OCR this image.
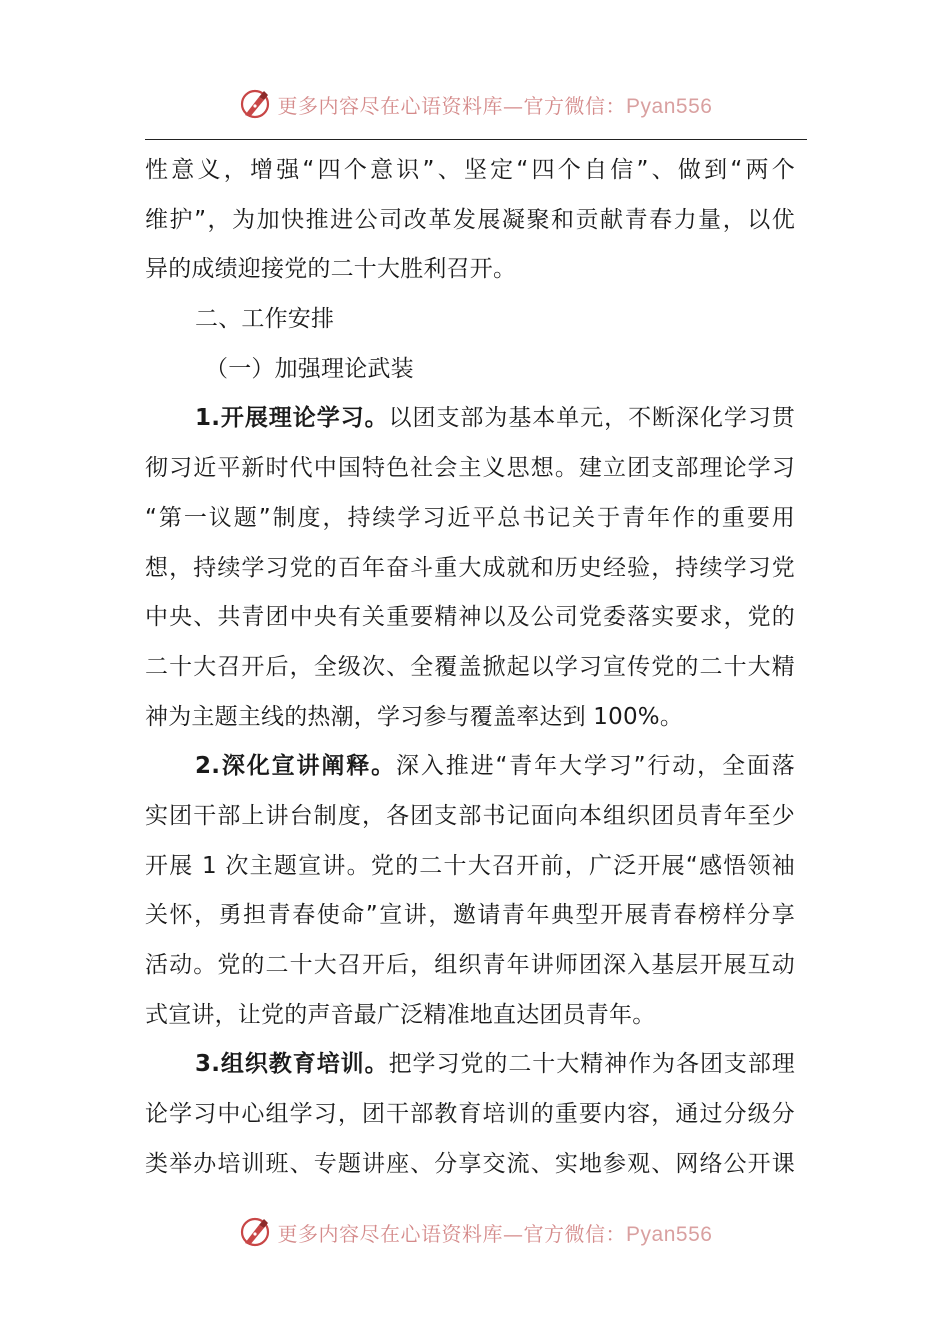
更多内容尽在心语资料库—官方微信：Pyan556
性意义，增强“四个意识”、坚定“四个自信”、做到“两个
维护”，为加快推进公司改革发展凝聚和贡献青春力量，以优
异的成绩迎接党的二十大胜利召开。
二、工作安排
（一）加强理论武装
1.开展理论学习。以团支部为基本单元，不断深化学习贯
彻习近平新时代中国特色社会主义思想。建立团支部理论学习
“第一议题”制度，持续学习近平总书记关于青年作的重要用
想，持续学习党的百年奋斗重大成就和历史经验，持续学习党
中央、共青团中央有关重要精神以及公司党委落实要求，党的
二十大召开后，全级次、全覆盖掀起以学习宣传党的二十大精
神为主题主线的热潮，学习参与覆盖率达到 100%。
2.深化宣讲阐释。深入推进“青年大学习”行动，全面落
实团干部上讲台制度，各团支部书记面向本组织团员青年至少
开展 1 次主题宣讲。党的二十大召开前，广泛开展“感悟领袖
关怀，勇担青春使命”宣讲，邀请青年典型开展青春榜样分享
活动。党的二十大召开后，组织青年讲师团深入基层开展互动
式宣讲，让党的声音最广泛精准地直达团员青年。
3.组织教育培训。把学习党的二十大精神作为各团支部理
论学习中心组学习，团干部教育培训的重要内容，通过分级分
类举办培训班、专题讲座、分享交流、实地参观、网络公开课
更多内容尽在心语资料库—官方微信：Pyan556
